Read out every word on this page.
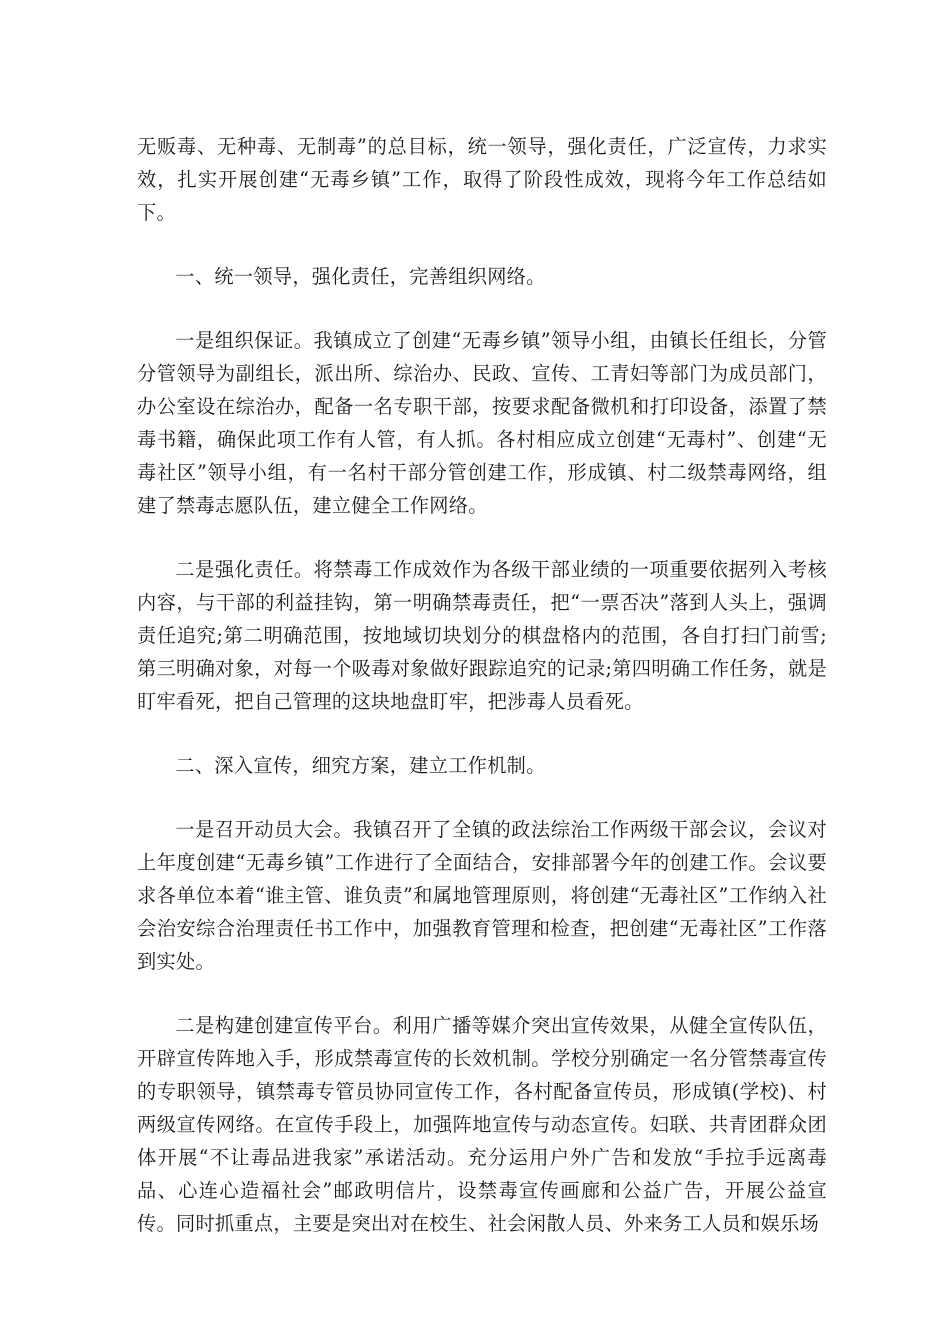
无贩毒、无种毒、无制毒”的总目标，统一领导，强化责任，广泛宣传，力求实效，扎实开展创建“无毒乡镇”工作，取得了阶段性成效，现将今年工作总结如下。

一、统一领导，强化责任，完善组织网络。

一是组织保证。我镇成立了创建“无毒乡镇”领导小组，由镇长任组长，分管分管领导为副组长，派出所、综治办、民政、宣传、工青妇等部门为成员部门，办公室设在综治办，配备一名专职干部，按要求配备微机和打印设备，添置了禁毒书籍，确保此项工作有人管，有人抓。各村相应成立创建“无毒村”、创建“无毒社区”领导小组，有一名村干部分管创建工作，形成镇、村二级禁毒网络，组建了禁毒志愿队伍，建立健全工作网络。

二是强化责任。将禁毒工作成效作为各级干部业绩的一项重要依据列入考核内容，与干部的利益挂钩，第一明确禁毒责任，把“一票否决”落到人头上，强调责任追究;第二明确范围，按地域切块划分的棋盘格内的范围，各自打扫门前雪;第三明确对象，对每一个吸毒对象做好跟踪追究的记录;第四明确工作任务，就是盯牢看死，把自己管理的这块地盘盯牢，把涉毒人员看死。

二、深入宣传，细究方案，建立工作机制。

一是召开动员大会。我镇召开了全镇的政法综治工作两级干部会议，会议对上年度创建“无毒乡镇”工作进行了全面结合，安排部署今年的创建工作。会议要求各单位本着“谁主管、谁负责”和属地管理原则，将创建“无毒社区”工作纳入社会治安综合治理责任书工作中，加强教育管理和检查，把创建“无毒社区”工作落到实处。

二是构建创建宣传平台。利用广播等媒介突出宣传效果，从健全宣传队伍，开辟宣传阵地入手，形成禁毒宣传的长效机制。学校分别确定一名分管禁毒宣传的专职领导，镇禁毒专管员协同宣传工作，各村配备宣传员，形成镇(学校)、村两级宣传网络。在宣传手段上，加强阵地宣传与动态宣传。妇联、共青团群众团体开展“不让毒品进我家”承诺活动。充分运用户外广告和发放“手拉手远离毒品、心连心造福社会”邮政明信片，设禁毒宣传画廊和公益广告，开展公益宣传。同时抓重点，主要是突出对在校生、社会闲散人员、外来务工人员和娱乐场
